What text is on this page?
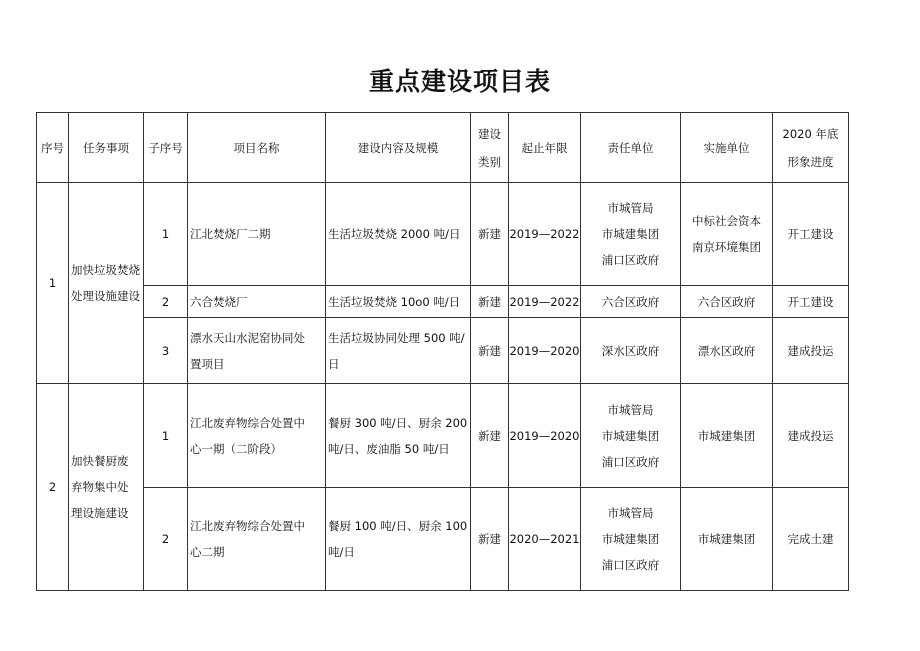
重点建设项目表
序号	任务事项	子序号	项目名称	建设内容及规模	建设
类别	起止年限	责任单位	实施单位	2020 年底
形象进度

1	加快垃圾焚烧
处理设施建设	1	江北焚烧厂二期	生活垃圾焚烧 2000 吨/日	新建	2019—2022	市城管局
市城建集团
浦口区政府	中标社会资本
南京环境集团	开工建设
		2	六合焚烧厂	生活垃圾焚烧 10o0 吨/日	新建	2019—2022	六合区政府	六合区政府	开工建设
		3	漂水天山水泥窑协同处
置项目	生活垃圾协同处理 500 吨/日	新建	2019—2020	深水区政府	漂水区政府	建成投运
2	加快餐厨废
弃物集中处
理设施建设	1	江北废弃物综合处置中
心一期（二阶段）	餐厨 300 吨/日、厨余 200
吨/日、废油脂 50 吨/日	新建	2019—2020	市城管局
市城建集团
浦口区政府	市城建集团	建成投运
		2	江北废弃物综合处置中
心二期	餐厨 100 吨/日、厨余 100
吨/日	新建	2020—2021	市城管局
市城建集团
浦口区政府	市城建集团	完成土建
